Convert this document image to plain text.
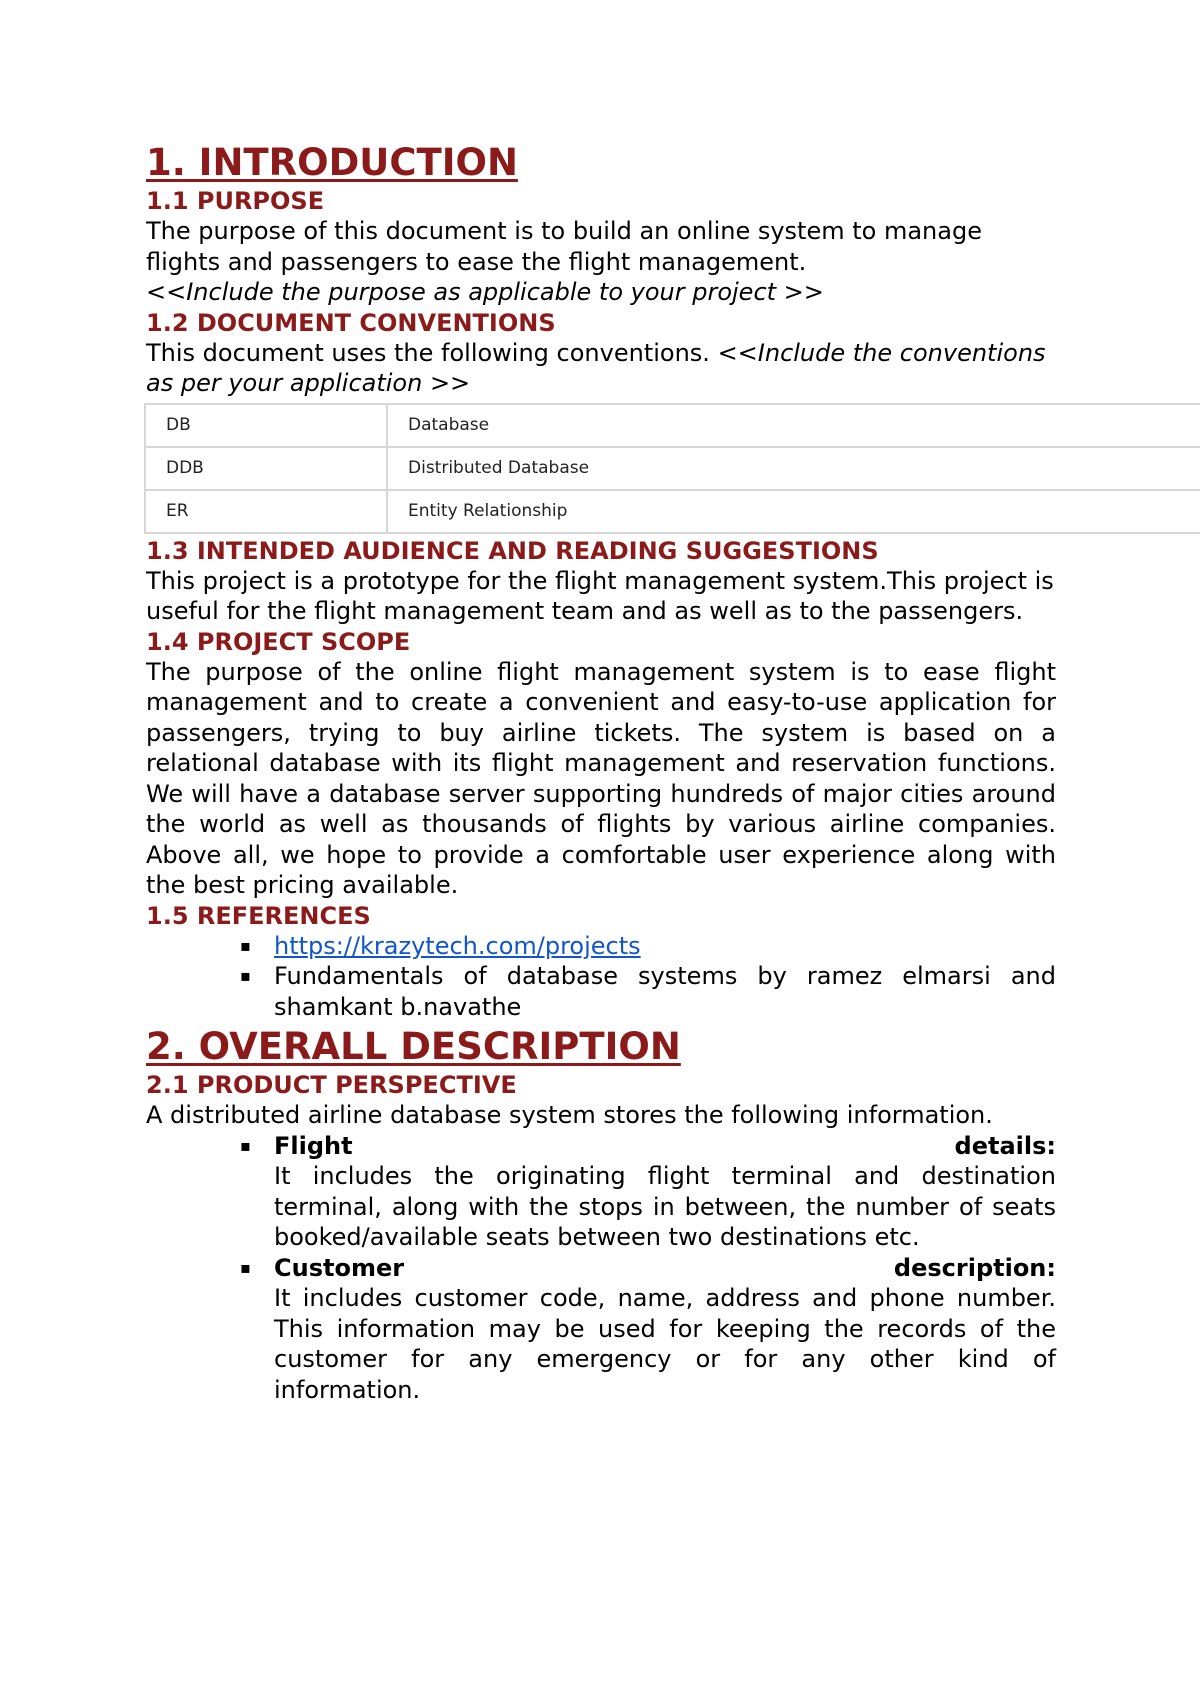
1. INTRODUCTION
1.1 PURPOSE

The purpose of this document is to build an online system to manage flights and passengers to ease the flight management.
<<Include the purpose as applicable to your project >>

1.2 DOCUMENT CONVENTIONS

This document uses the following conventions. <<Include the conventions as per your application >>

DB	Database
DDB	Distributed Database
ER	Entity Relationship
1.3 INTENDED AUDIENCE AND READING SUGGESTIONS

This project is a prototype for the flight management system.This project is useful for the flight management team and as well as to the passengers.

1.4 PROJECT SCOPE

The purpose of the online flight management system is to ease flight management and to create a convenient and easy-to-use application for passengers, trying to buy airline tickets. The system is based on a relational database with its flight management and reservation functions. We will have a database server supporting hundreds of major cities around the world as well as thousands of flights by various airline companies. Above all, we hope to provide a comfortable user experience along with the best pricing available.

1.5 REFERENCES
▪ https://krazytech.com/projects
▪ Fundamentals of database systems by ramez elmarsi and shamkant b.navathe
2. OVERALL DESCRIPTION
2.1 PRODUCT PERSPECTIVE

A distributed airline database system stores the following information.

▪ Flight	details:
It includes the originating flight terminal and destination terminal, along with the stops in between, the number of seats booked/available seats between two destinations etc.
▪ Customer	description:
It includes customer code, name, address and phone number. This information may be used for keeping the records of the customer for any emergency or for any other kind of information.
